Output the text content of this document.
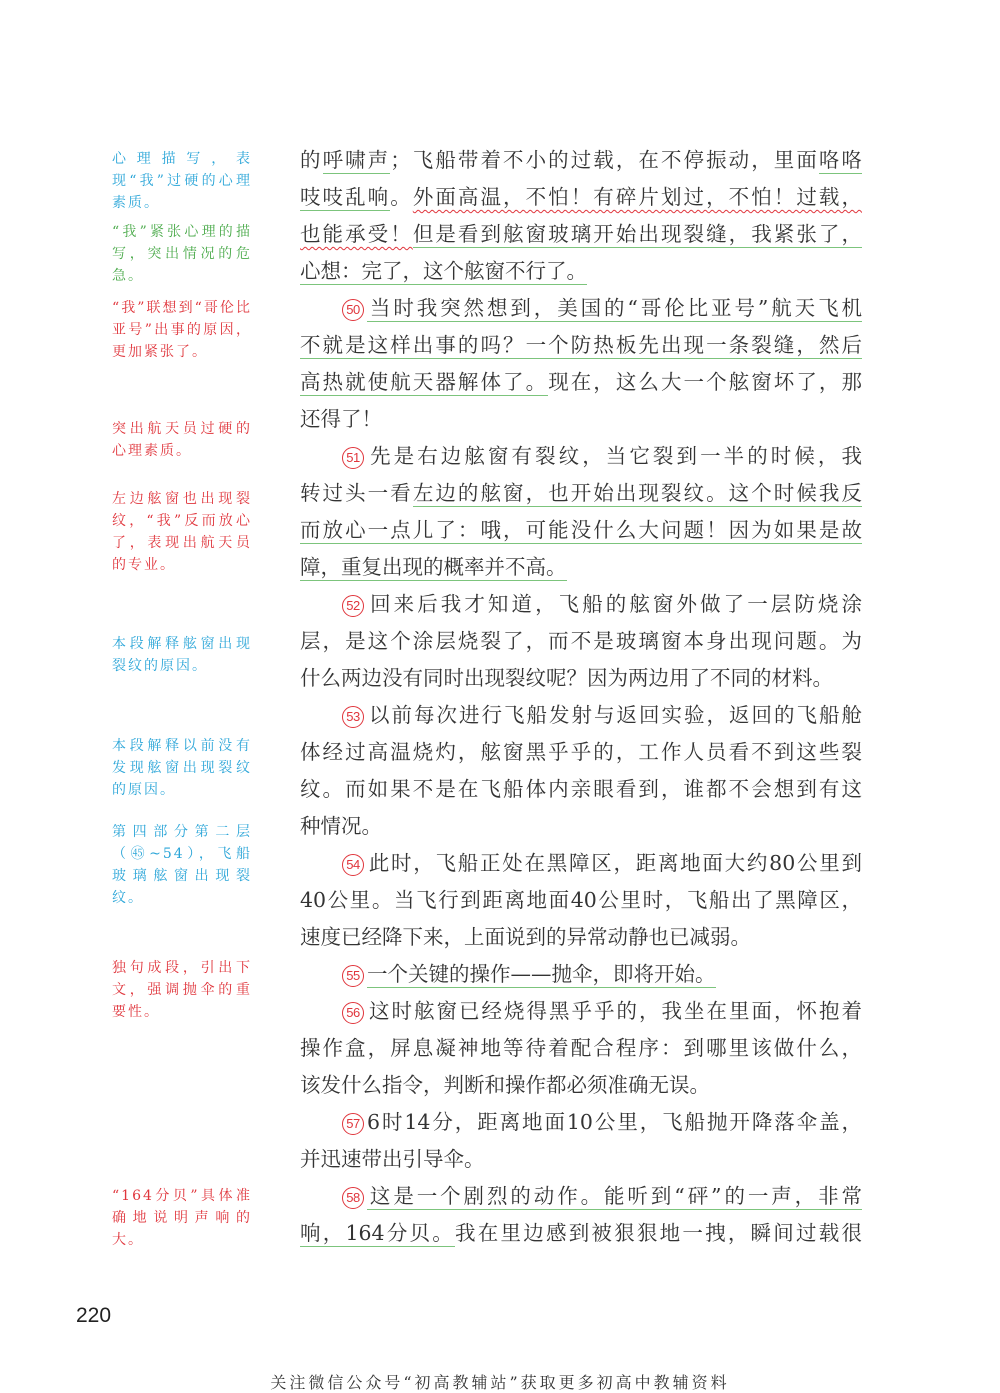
心理描写，表现“我”过硬的心理素质。
“我”紧张心理的描写，突出情况的危急。
“我”联想到“哥伦比亚号”出事的原因，更加紧张了。
突出航天员过硬的心理素质。
左边舷窗也出现裂纹，“我”反而放心了，表现出航天员的专业。
本段解释舷窗出现裂纹的原因。
本段解释以前没有发现舷窗出现裂纹的原因。
第四部分第二层（㊺~54），飞船玻璃舷窗出现裂纹。
独句成段，引出下文，强调抛伞的重要性。
“164分贝”具体准确地说明声响的大。
的呼啸声；飞船带着不小的过载，在不停振动，里面咯咯
吱吱乱响。外面高温，不怕！有碎片划过，不怕！过载，
也能承受！但是看到舷窗玻璃开始出现裂缝，我紧张了，
心想：完了，这个舷窗不行了。
50 当时我突然想到，美国的“哥伦比亚号”航天飞机
不就是这样出事的吗？一个防热板先出现一条裂缝，然后
高热就使航天器解体了。现在，这么大一个舷窗坏了，那
还得了！
51 先是右边舷窗有裂纹，当它裂到一半的时候，我
转过头一看左边的舷窗，也开始出现裂纹。这个时候我反
而放心一点儿了：哦，可能没什么大问题！因为如果是故
障，重复出现的概率并不高。
52 回来后我才知道，飞船的舷窗外做了一层防烧涂
层，是这个涂层烧裂了，而不是玻璃窗本身出现问题。为
什么两边没有同时出现裂纹呢？因为两边用了不同的材料。
53 以前每次进行飞船发射与返回实验，返回的飞船舱
体经过高温烧灼，舷窗黑乎乎的，工作人员看不到这些裂
纹。而如果不是在飞船体内亲眼看到，谁都不会想到有这
种情况。
54 此时，飞船正处在黑障区，距离地面大约80公里到
40公里。当飞行到距离地面40公里时，飞船出了黑障区，
速度已经降下来，上面说到的异常动静也已减弱。
55 一个关键的操作——抛伞，即将开始。
56 这时舷窗已经烧得黑乎乎的，我坐在里面，怀抱着
操作盒，屏息凝神地等待着配合程序：到哪里该做什么，
该发什么指令，判断和操作都必须准确无误。
57 6时14分，距离地面10公里，飞船抛开降落伞盖，
并迅速带出引导伞。
58 这是一个剧烈的动作。能听到“砰”的一声，非常
响，164分贝。我在里边感到被狠狠地一拽，瞬间过载很
220
关注微信公众号“初高教辅站”获取更多初高中教辅资料
